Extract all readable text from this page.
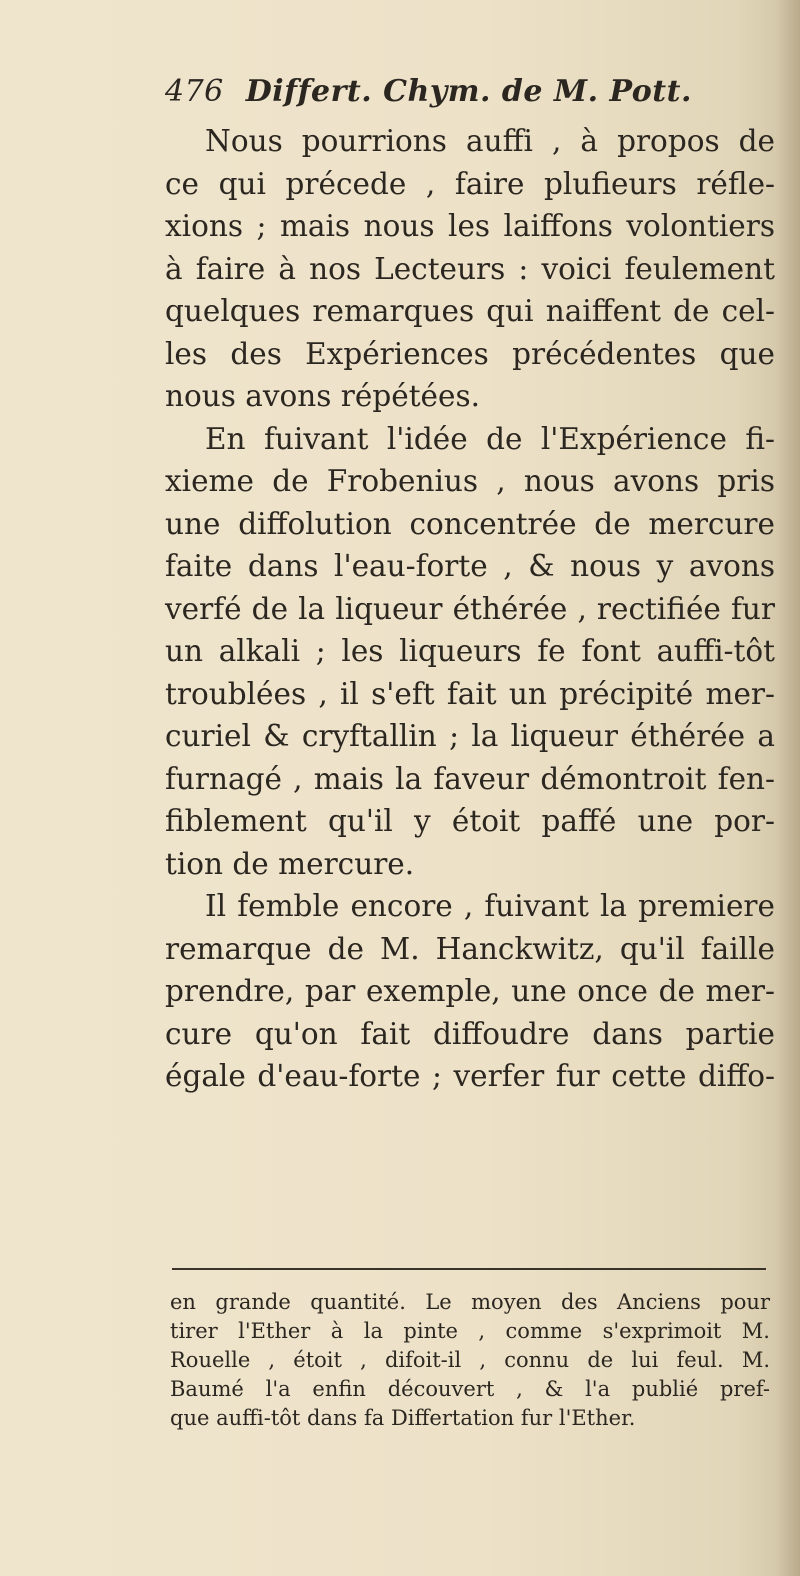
476 Differt. Chym. de M. Pott.
Nous pourrions auffi , à propos de
ce qui précede , faire plufieurs réfle-
xions ; mais nous les laiffons volontiers
à faire à nos Lecteurs : voici feulement
quelques remarques qui naiffent de cel-
les des Expériences précédentes que
nous avons répétées.
En fuivant l'idée de l'Expérience fi-
xieme de Frobenius , nous avons pris
une diffolution concentrée de mercure
faite dans l'eau-forte , & nous y avons
verfé de la liqueur éthérée , rectifiée fur
un alkali ; les liqueurs fe font auffi-tôt
troublées , il s'eft fait un précipité mer-
curiel & cryftallin ; la liqueur éthérée a
furnagé , mais la faveur démontroit fen-
fiblement qu'il y étoit paffé une por-
tion de mercure.
Il femble encore , fuivant la premiere
remarque de M. Hanckwitz, qu'il faille
prendre, par exemple, une once de mer-
cure qu'on fait diffoudre dans partie
égale d'eau-forte ; verfer fur cette diffo-
en grande quantité. Le moyen des Anciens pour
tirer l'Ether à la pinte , comme s'exprimoit M.
Rouelle , étoit , difoit-il , connu de lui feul. M.
Baumé l'a enfin découvert , & l'a publié pref-
que auffi-tôt dans fa Differtation fur l'Ether.
